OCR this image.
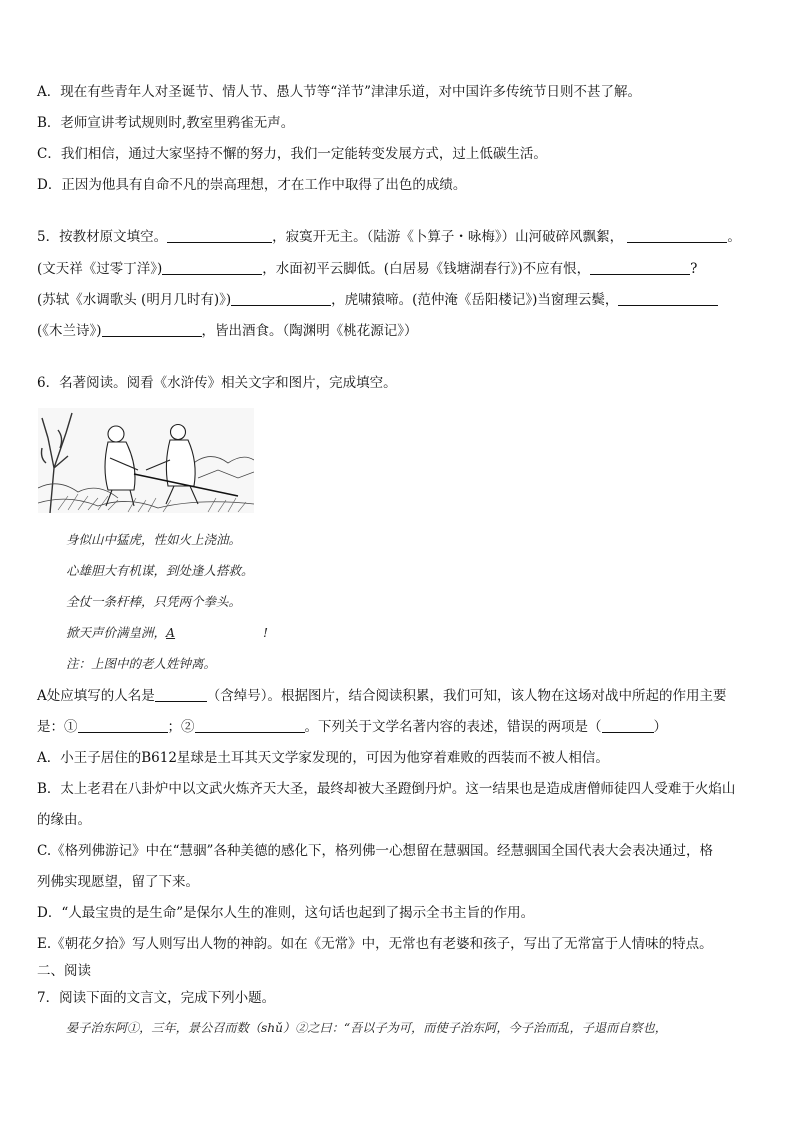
A．现在有些青年人对圣诞节、情人节、愚人节等“洋节”津津乐道，对中国许多传统节日则不甚了解。
B．老师宣讲考试规则时,教室里鸦雀无声。
C．我们相信，通过大家坚持不懈的努力，我们一定能转变发展方式，过上低碳生活。
D．正因为他具有自命不凡的崇高理想，才在工作中取得了出色的成绩。
5．按教材原文填空。	，寂寞开无主。（陆游《卜算子・咏梅》）山河破碎风飘絮，	。
(文天祥《过零丁洋》)	，水面初平云脚低。(白居易《钱塘湖春行》)不应有恨，	?
(苏轼《水调歌头 (明月几时有)》)	，虎啸猿啼。(范仲淹《岳阳楼记》)当窗理云鬓，
(《木兰诗》)	，皆出酒食。（陶渊明《桃花源记》）
6．名著阅读。阅看《水浒传》相关文字和图片，完成填空。
身似山中猛虎，性如火上浇油。
心雄胆大有机谋，到处逢人搭救。
全仗一条杆棒，只凭两个拳头。
掀天声价满皇洲，A	!
注：上图中的老人姓钟离。
A处应填写的人名是	（含绰号）。根据图片，结合阅读积累，我们可知，该人物在这场对战中所起的作用主要
是：①	；②	。下列关于文学名著内容的表述，错误的两项是（	）
A．小王子居住的B612星球是土耳其天文学家发现的，可因为他穿着难败的西装而不被人相信。
B．太上老君在八卦炉中以文武火炼齐天大圣，最终却被大圣蹬倒丹炉。这一结果也是造成唐僧师徒四人受难于火焰山
的缘由。
C.《格列佛游记》中在“慧骃”各种美德的感化下，格列佛一心想留在慧骃国。经慧骃国全国代表大会表决通过，格
列佛实现愿望，留了下来。
D．“人最宝贵的是生命”是保尔人生的准则，这句话也起到了揭示全书主旨的作用。
E.《朝花夕拾》写人则写出人物的神韵。如在《无常》中，无常也有老婆和孩子，写出了无常富于人情味的特点。
二、阅读
7．阅读下面的文言文，完成下列小题。
晏子治东阿①，三年，景公召而数（shǔ）②之曰：“吾以子为可，而使子治东阿，今子治而乱，子退而自察也，
